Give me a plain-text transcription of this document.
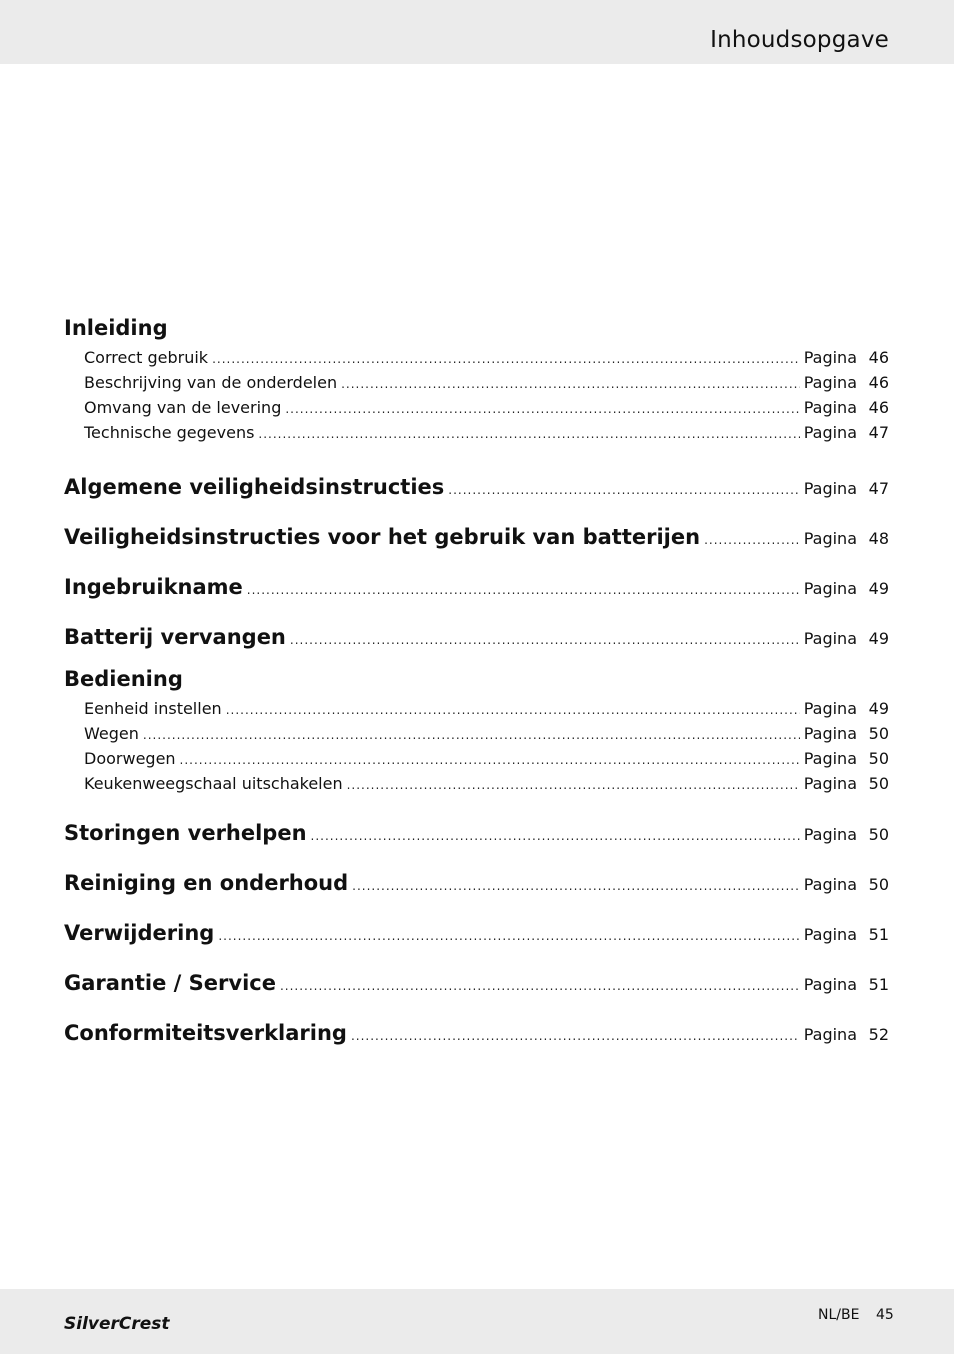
Inhoudsopgave
Inleiding
Correct gebruik .....	Pagina 46
Beschrijving van de onderdelen .....	Pagina 46
Omvang van de levering .....	Pagina 46
Technische gegevens .....	Pagina 47
Algemene veiligheidsinstructies .....	Pagina 47
Veiligheidsinstructies voor het gebruik van batterijen .....	Pagina 48
Ingebruikname .....	Pagina 49
Batterij vervangen .....	Pagina 49
Bediening
Eenheid instellen .....	Pagina 49
Wegen .....	Pagina 50
Doorwegen .....	Pagina 50
Keukenweegschaal uitschakelen .....	Pagina 50
Storingen verhelpen .....	Pagina 50
Reiniging en onderhoud .....	Pagina 50
Verwijdering .....	Pagina 51
Garantie / Service .....	Pagina 51
Conformiteitsverklaring .....	Pagina 52
SilverCrest	NL/BE 45
